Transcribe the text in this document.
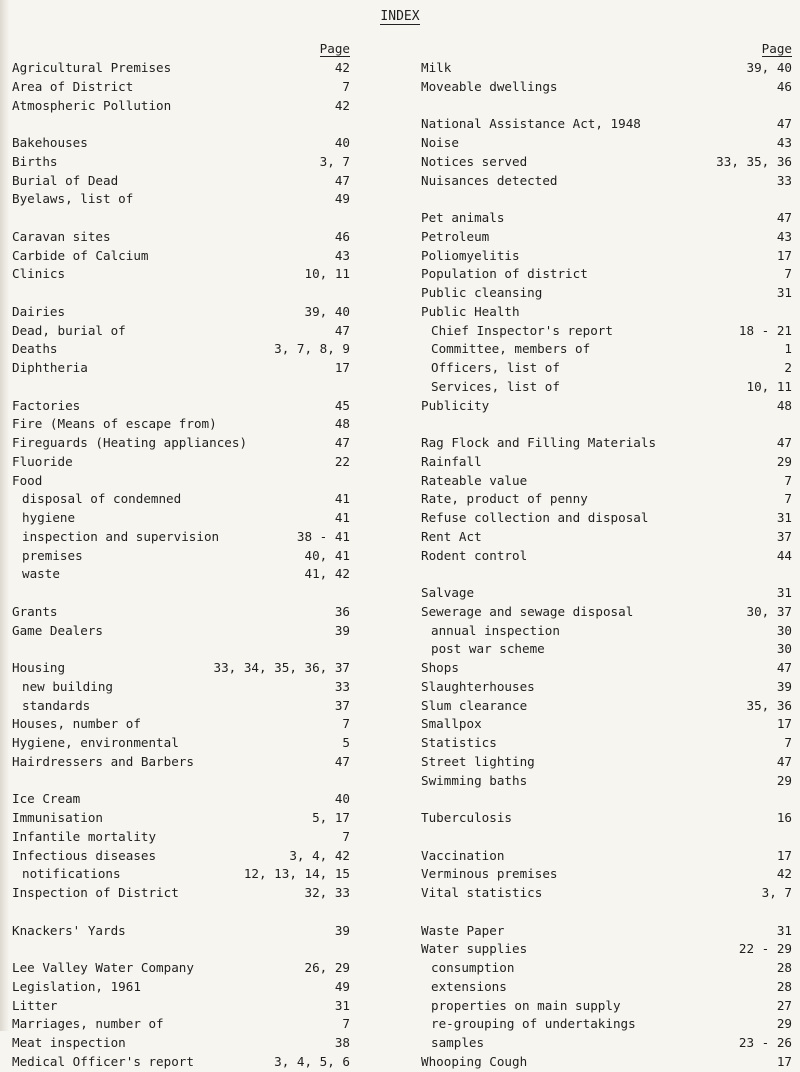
INDEX
Page
Agricultural Premises	42
Area of District	7
Atmospheric Pollution	42
Bakehouses	40
Births	3, 7
Burial of Dead	47
Byelaws, list of	49
Caravan sites	46
Carbide of Calcium	43
Clinics	10, 11
Dairies	39, 40
Dead, burial of	47
Deaths	3, 7, 8, 9
Diphtheria	17
Factories	45
Fire (Means of escape from)	48
Fireguards (Heating appliances)	47
Fluoride	22
Food
disposal of condemned	41
hygiene	41
inspection and supervision	38 - 41
premises	40, 41
waste	41, 42
Grants	36
Game Dealers	39
Housing	33, 34, 35, 36, 37
new building	33
standards	37
Houses, number of	7
Hygiene, environmental	5
Hairdressers and Barbers	47
Ice Cream	40
Immunisation	5, 17
Infantile mortality	7
Infectious diseases	3, 4, 42
notifications	12, 13, 14, 15
Inspection of District	32, 33
Knackers' Yards	39
Lee Valley Water Company	26, 29
Legislation, 1961	49
Litter	31
Marriages, number of	7
Meat inspection	38
Medical Officer's report	3, 4, 5, 6
Page
Milk	39, 40
Moveable dwellings	46
National Assistance Act, 1948	47
Noise	43
Notices served	33, 35, 36
Nuisances detected	33
Pet animals	47
Petroleum	43
Poliomyelitis	17
Population of district	7
Public cleansing	31
Public Health
Chief Inspector's report	18 - 21
Committee, members of	1
Officers, list of	2
Services, list of	10, 11
Publicity	48
Rag Flock and Filling Materials	47
Rainfall	29
Rateable value	7
Rate, product of penny	7
Refuse collection and disposal	31
Rent Act	37
Rodent control	44
Salvage	31
Sewerage and sewage disposal	30, 37
annual inspection	30
post war scheme	30
Shops	47
Slaughterhouses	39
Slum clearance	35, 36
Smallpox	17
Statistics	7
Street lighting	47
Swimming baths	29
Tuberculosis	16
Vaccination	17
Verminous premises	42
Vital statistics	3, 7
Waste Paper	31
Water supplies	22 - 29
consumption	28
extensions	28
properties on main supply	27
re-grouping of undertakings	29
samples	23 - 26
Whooping Cough	17
